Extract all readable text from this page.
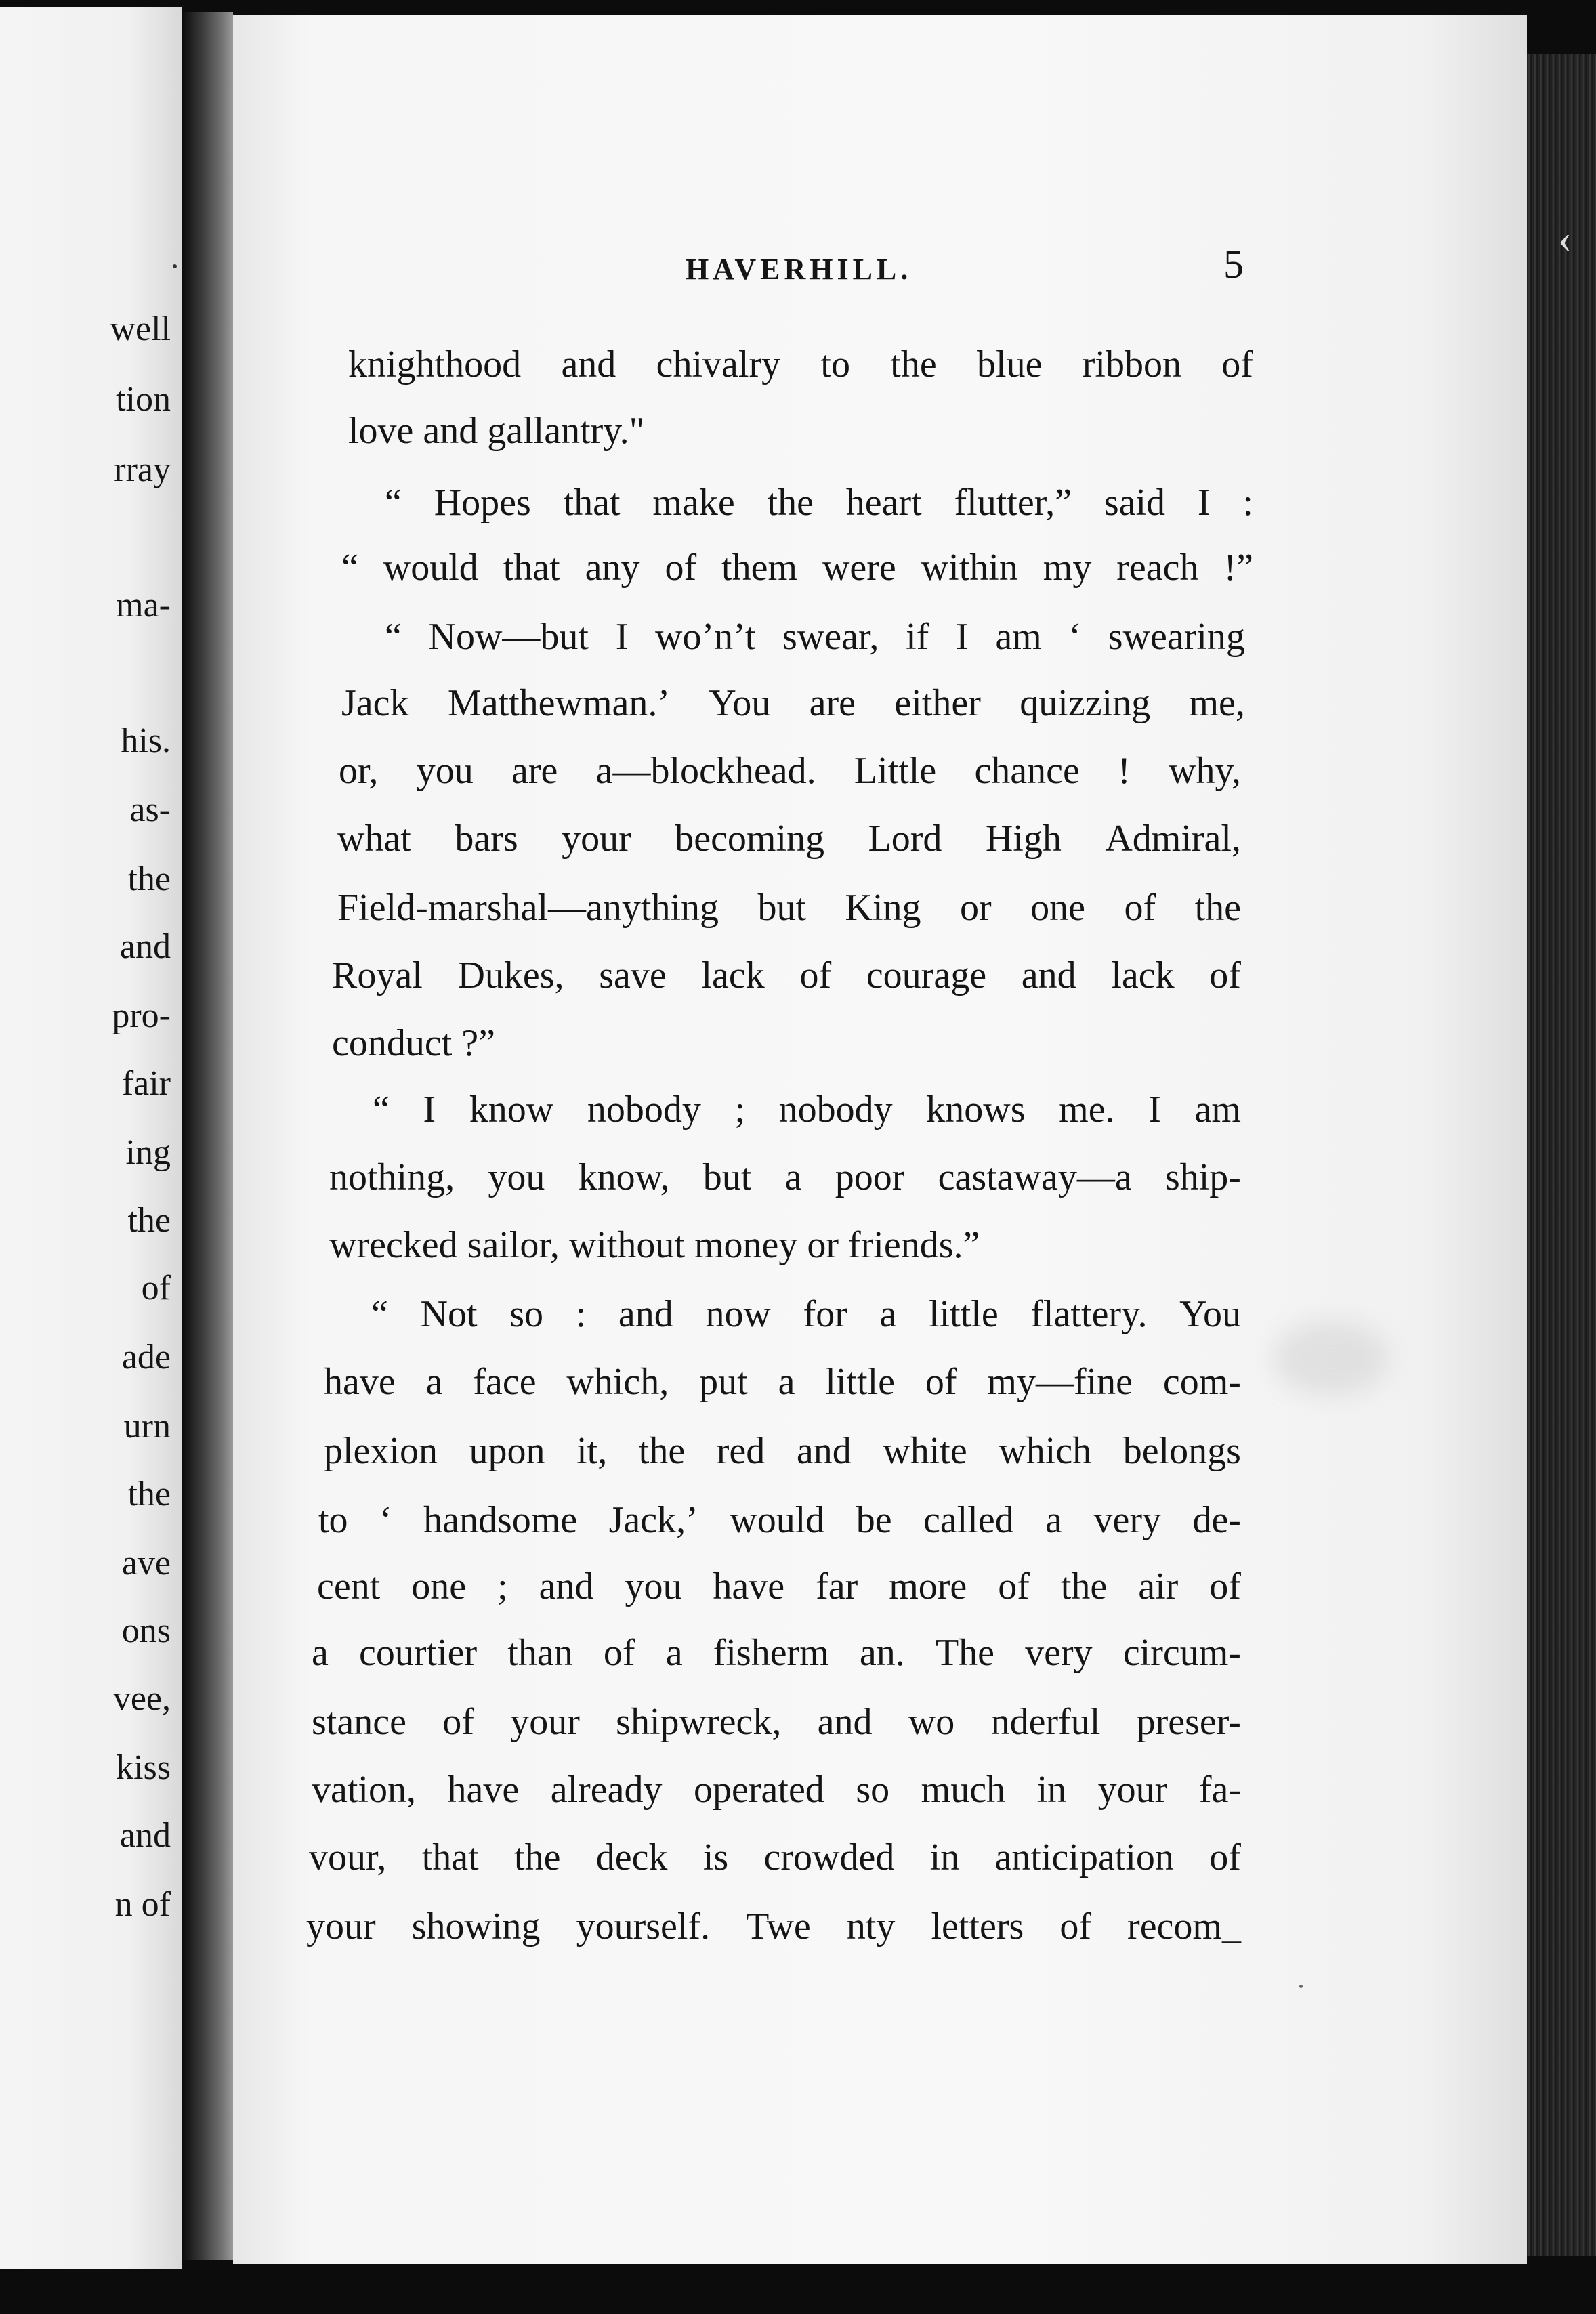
well
tion
rray
ma-
his.
as-
the
and
pro-
fair
ing
the
of
ade
urn
the
ave
ons
vee,
kiss
and
n of
‹
HAVERHILL.	5
knighthood and chivalry to the blue ribbon of
love and gallantry."
“ Hopes that make the heart flutter,” said I :
“ would that any of them were within my reach !”
“ Now—but I wo’n’t swear, if I am ‘ swearing
Jack Matthewman.’ You are either quizzing me,
or, you are a—blockhead. Little chance ! why,
what bars your becoming Lord High Admiral,
Field-marshal—anything but King or one of the
Royal Dukes, save lack of courage and lack of
conduct ?”
“ I know nobody ; nobody knows me. I am
nothing, you know, but a poor castaway—a ship-
wrecked sailor, without money or friends.”
“ Not so : and now for a little flattery. You
have a face which, put a little of my—fine com-
plexion upon it, the red and white which belongs
to ‘ handsome Jack,’ would be called a very de-
cent one ; and you have far more of the air of
a courtier than of a fisherm an. The very circum-
stance of your shipwreck, and wo nderful preser-
vation, have already operated so much in your fa-
vour, that the deck is crowded in anticipation of
your showing yourself. Twe nty letters of recom_
